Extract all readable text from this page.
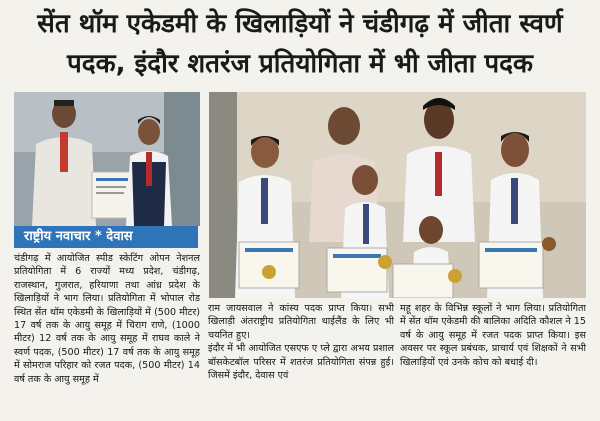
सेंत थॉम एकेडमी के खिलाड़ियों ने चंडीगढ़ में जीता स्वर्ण
पदक, इंदौर शतरंज प्रतियोगिता में भी जीता पदक
राष्ट्रीय नवाचार * देवास
चंडीगढ़ में आयोजित स्पीड स्केटिंग ओपन नेशनल प्रतियोगिता में 6 राज्यों मध्य प्रदेश, चंडीगढ़, राजस्थान, गुजरात, हरियाणा तथा आंध्र प्रदेश के खिलाड़ियों ने भाग लिया। प्रतियोगिता में भोपाल रोड स्थित सेंत थॉम एकेडमी के खिलाड़ियों में (500 मीटर) 17 वर्ष तक के आयु समूह में चिराग राणे, (1000 मीटर) 12 वर्ष तक के आयु समूह में राघव काले ने स्वर्ण पदक, (500 मीटर) 17 वर्ष तक के आयु समूह में सोमराज परिहार को रजत पदक, (500 मीटर) 14 वर्ष तक के आयु समूह में
राम जायसवाल ने कांस्य पदक प्राप्त किया। सभी खिलाड़ी अंतराष्ट्रीय प्रतियोगिता थाईलैंड के लिए भी चयनित हुए।
इंदौर में भी आयोजित एसएफ ए प्ले द्वारा अभय प्रशाल बॉसकेटबॉल परिसर में शतरंज प्रतियोगिता संपन्न हुई। जिसमें इंदौर, देवास एवं
महू शहर के विभिन्न स्कूलों ने भाग लिया। प्रतियोगिता में सेंत थॉम एकेडमी की बालिका अदिति कौशल ने 15 वर्ष के आयु समूह में रजत पदक प्राप्त किया। इस अवसर पर स्कूल प्रबंधक, प्राचार्य एवं शिक्षकों ने सभी खिलाड़ियों एवं उनके कोच को बधाई दी।
